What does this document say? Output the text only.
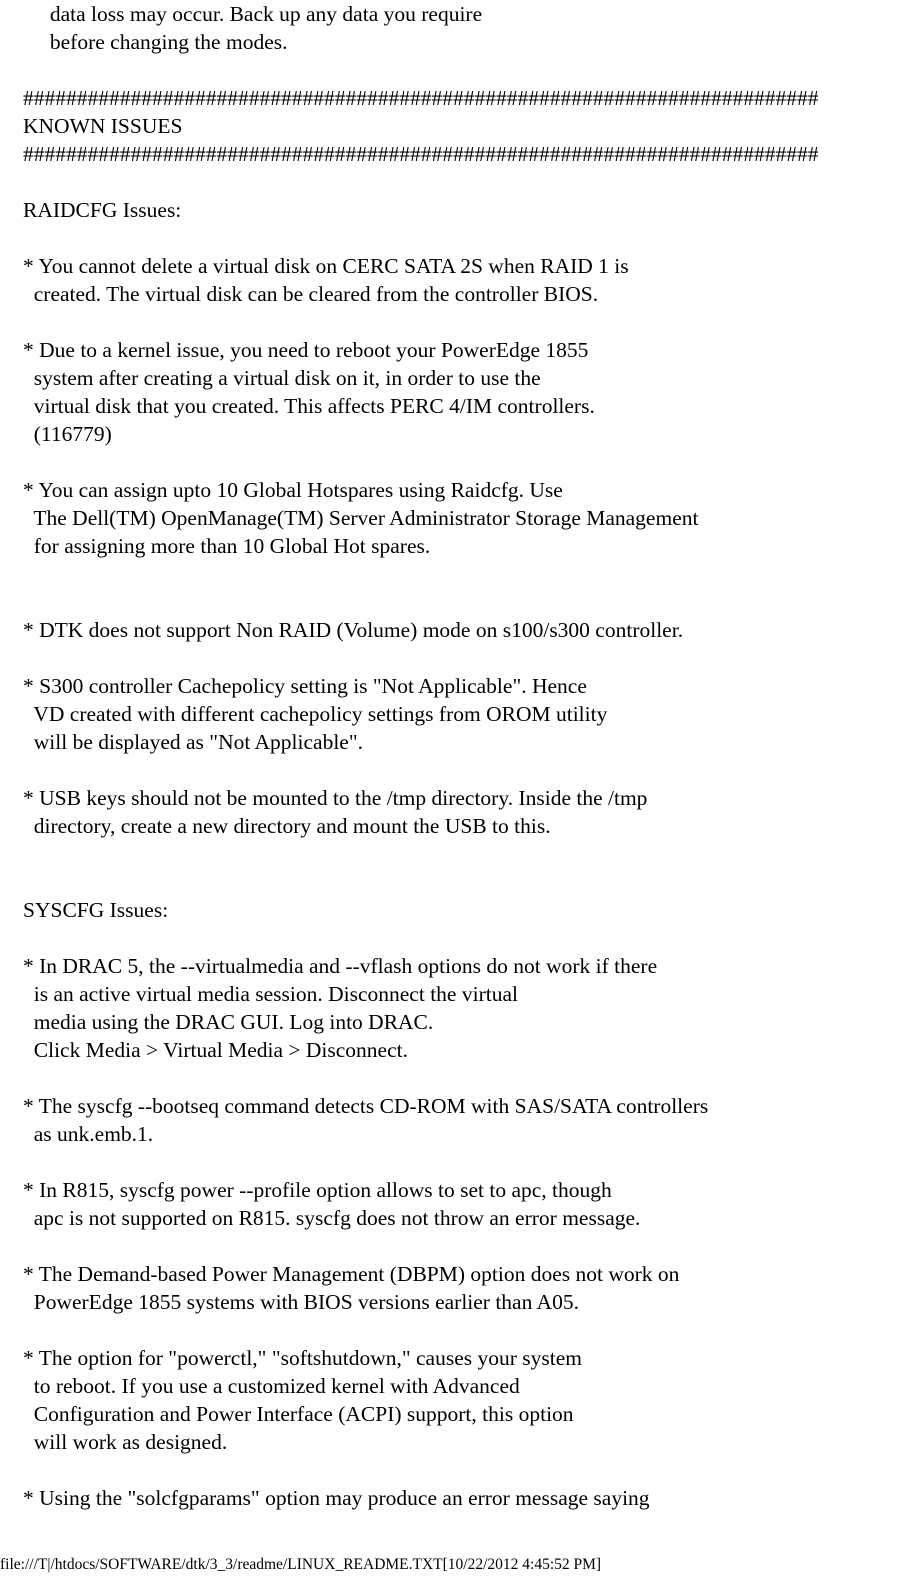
data loss may occur. Back up any data you require
before changing the modes.
##########################################################################
KNOWN ISSUES
##########################################################################
RAIDCFG Issues:
* You cannot delete a virtual disk on CERC SATA 2S when RAID 1 is
created. The virtual disk can be cleared from the controller BIOS.
* Due to a kernel issue, you need to reboot your PowerEdge 1855
system after creating a virtual disk on it, in order to use the
virtual disk that you created. This affects PERC 4/IM controllers.
(116779)
* You can assign upto 10 Global Hotspares using Raidcfg. Use
The Dell(TM) OpenManage(TM) Server Administrator Storage Management
for assigning more than 10 Global Hot spares.
* DTK does not support Non RAID (Volume) mode on s100/s300 controller.
* S300 controller Cachepolicy setting is "Not Applicable". Hence
VD created with different cachepolicy settings from OROM utility
will be displayed as "Not Applicable".
* USB keys should not be mounted to the /tmp directory. Inside the /tmp
directory, create a new directory and mount the USB to this.
SYSCFG Issues:
* In DRAC 5, the --virtualmedia and --vflash options do not work if there
is an active virtual media session. Disconnect the virtual
media using the DRAC GUI. Log into DRAC.
Click Media > Virtual Media > Disconnect.
* The syscfg --bootseq command detects CD-ROM with SAS/SATA controllers
as unk.emb.1.
* In R815, syscfg power --profile option allows to set to apc, though
apc is not supported on R815. syscfg does not throw an error message.
* The Demand-based Power Management (DBPM) option does not work on
PowerEdge 1855 systems with BIOS versions earlier than A05.
* The option for "powerctl," "softshutdown," causes your system
to reboot. If you use a customized kernel with Advanced
Configuration and Power Interface (ACPI) support, this option
will work as designed.
* Using the "solcfgparams" option may produce an error message saying
file:///T|/htdocs/SOFTWARE/dtk/3_3/readme/LINUX_README.TXT[10/22/2012 4:45:52 PM]
